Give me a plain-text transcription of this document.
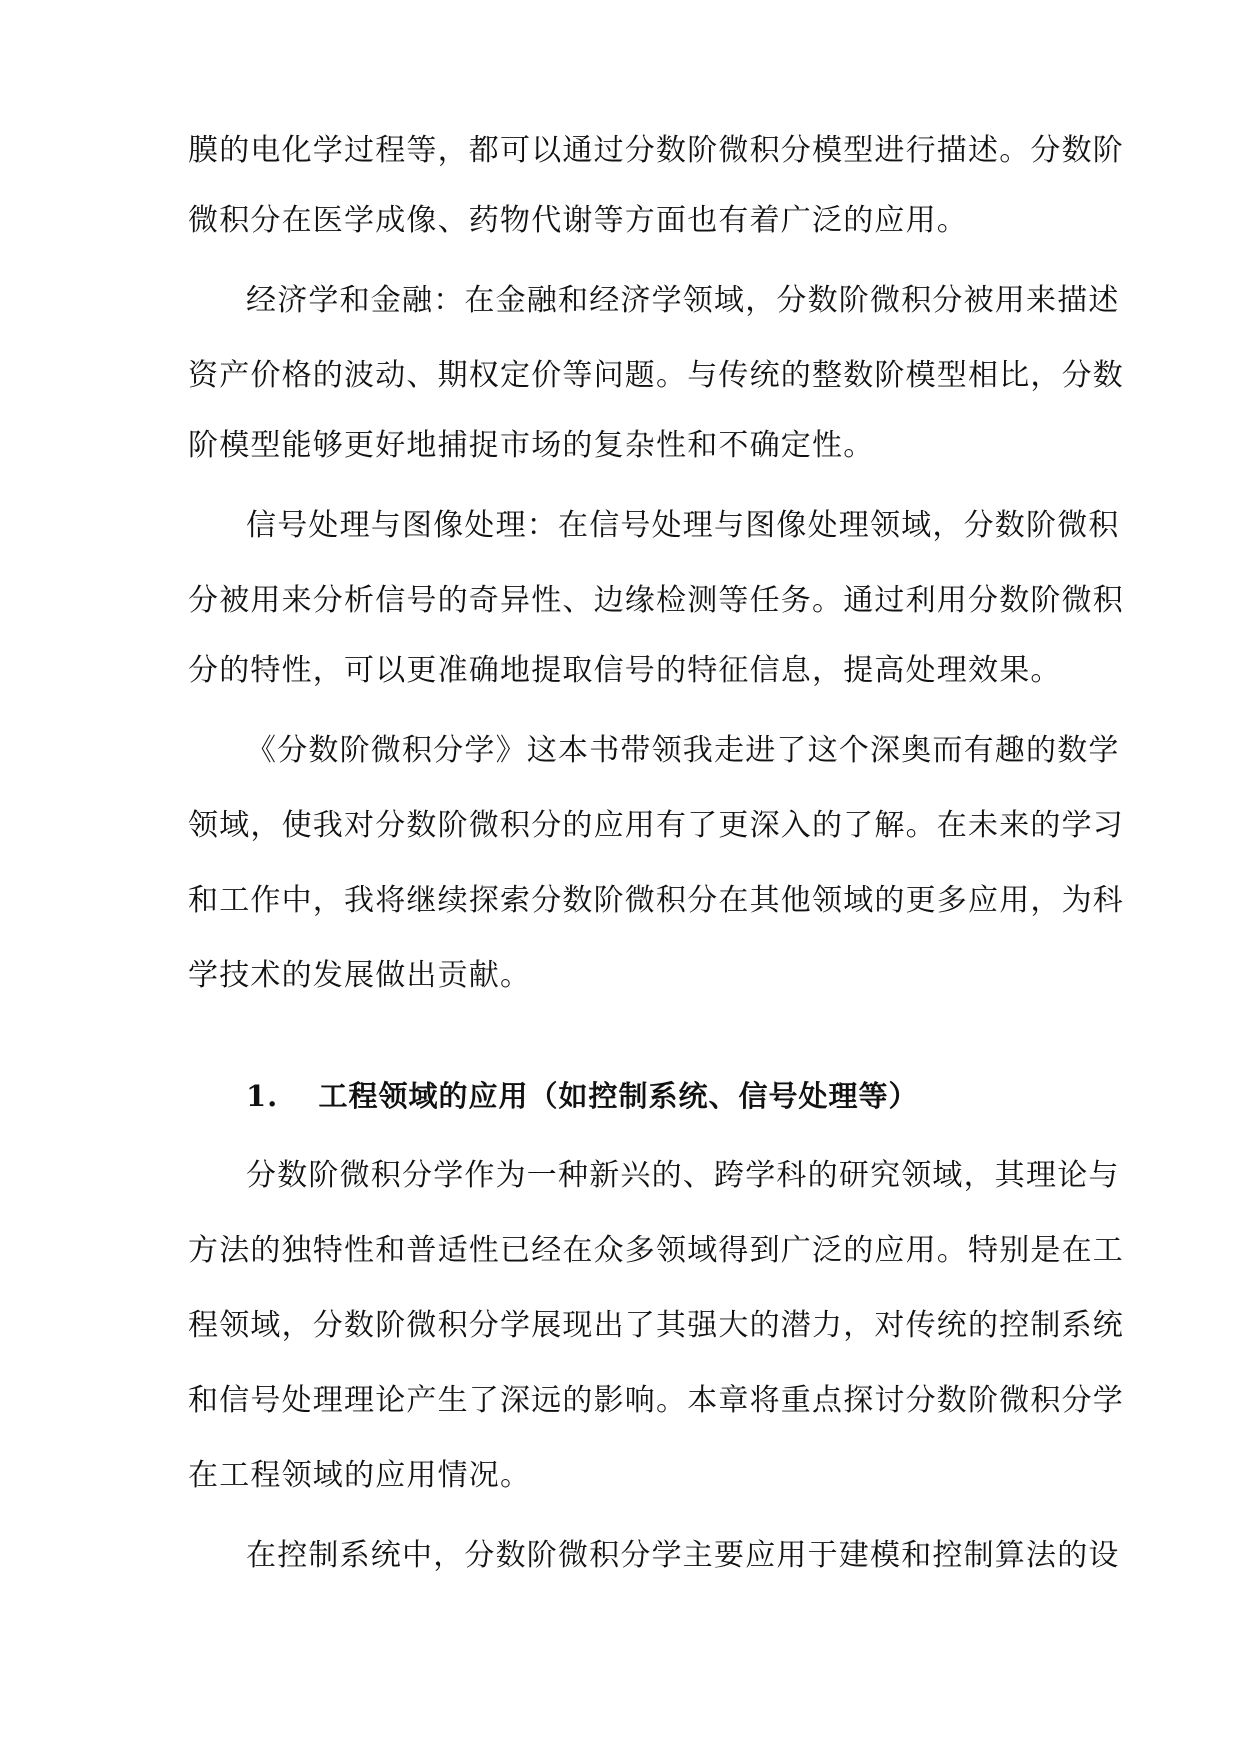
膜的电化学过程等，都可以通过分数阶微积分模型进行描述。分数阶
微积分在医学成像、药物代谢等方面也有着广泛的应用。
经济学和金融：在金融和经济学领域，分数阶微积分被用来描述
资产价格的波动、期权定价等问题。与传统的整数阶模型相比，分数
阶模型能够更好地捕捉市场的复杂性和不确定性。
信号处理与图像处理：在信号处理与图像处理领域，分数阶微积
分被用来分析信号的奇异性、边缘检测等任务。通过利用分数阶微积
分的特性，可以更准确地提取信号的特征信息，提高处理效果。
《分数阶微积分学》这本书带领我走进了这个深奥而有趣的数学
领域，使我对分数阶微积分的应用有了更深入的了解。在未来的学习
和工作中，我将继续探索分数阶微积分在其他领域的更多应用，为科
学技术的发展做出贡献。
1. 工程领域的应用（如控制系统、信号处理等）
分数阶微积分学作为一种新兴的、跨学科的研究领域，其理论与
方法的独特性和普适性已经在众多领域得到广泛的应用。特别是在工
程领域，分数阶微积分学展现出了其强大的潜力，对传统的控制系统
和信号处理理论产生了深远的影响。本章将重点探讨分数阶微积分学
在工程领域的应用情况。
在控制系统中，分数阶微积分学主要应用于建模和控制算法的设
